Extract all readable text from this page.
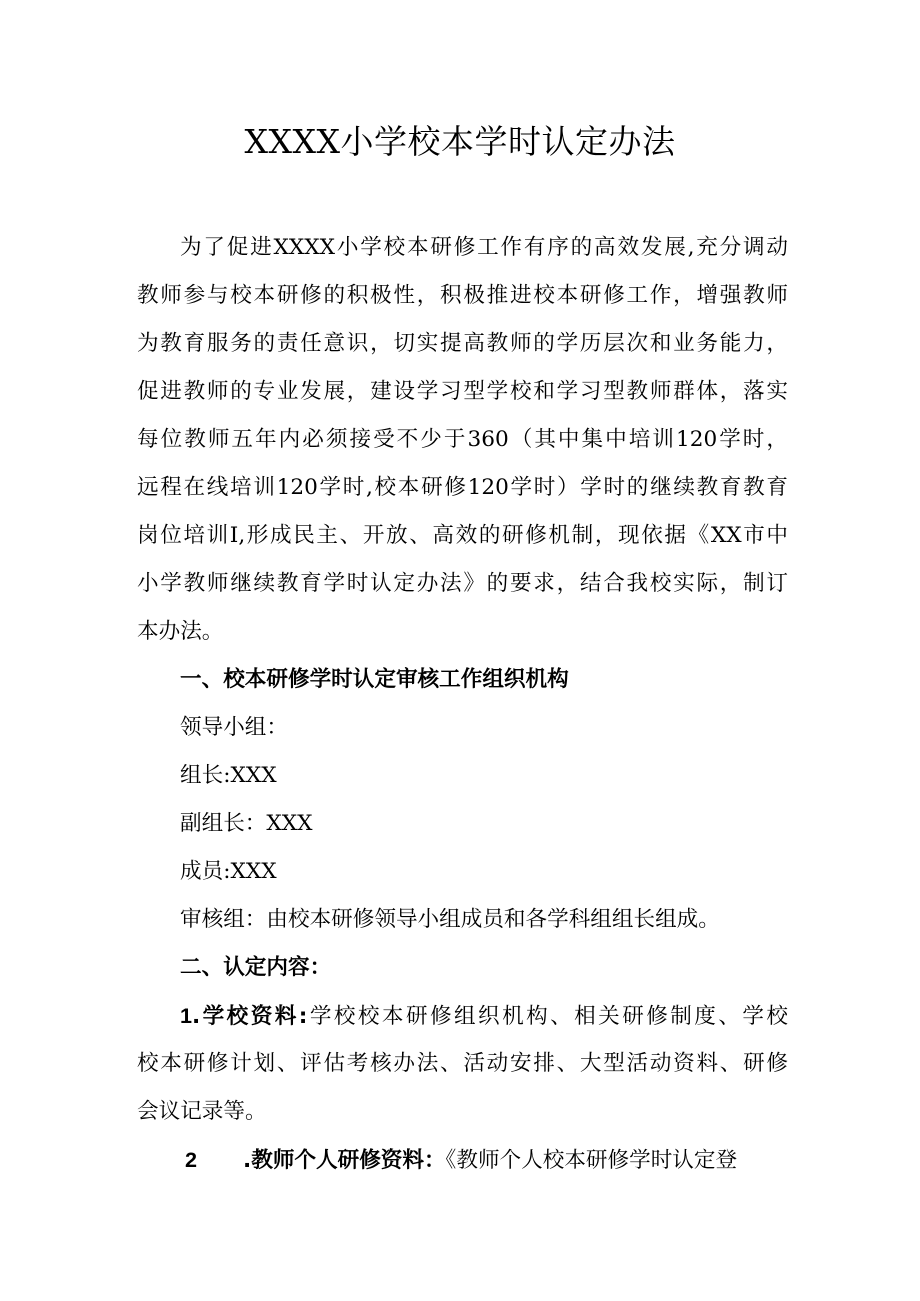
XXXX小学校本学时认定办法
为了促进XXXX小学校本研修工作有序的高效发展,充分调动
教师参与校本研修的积极性，积极推进校本研修工作，增强教师
为教育服务的责任意识，切实提高教师的学历层次和业务能力，
促进教师的专业发展，建设学习型学校和学习型教师群体，落实
每位教师五年内必须接受不少于360（其中集中培训120学时，
远程在线培训120学时,校本研修120学时）学时的继续教育教育
岗位培训I,形成民主、开放、高效的研修机制，现依据《XX市中
小学教师继续教育学时认定办法》的要求，结合我校实际，制订
本办法。
一、校本研修学时认定审核工作组织机构
领导小组：
组长:XXX
副组长：XXX
成员:XXX
审核组：由校本研修领导小组成员和各学科组组长组成。
二、认定内容：
1.学校资料:学校校本研修组织机构、相关研修制度、学校
校本研修计划、评估考核办法、活动安排、大型活动资料、研修
会议记录等。
2 .教师个人研修资料：《教师个人校本研修学时认定登
